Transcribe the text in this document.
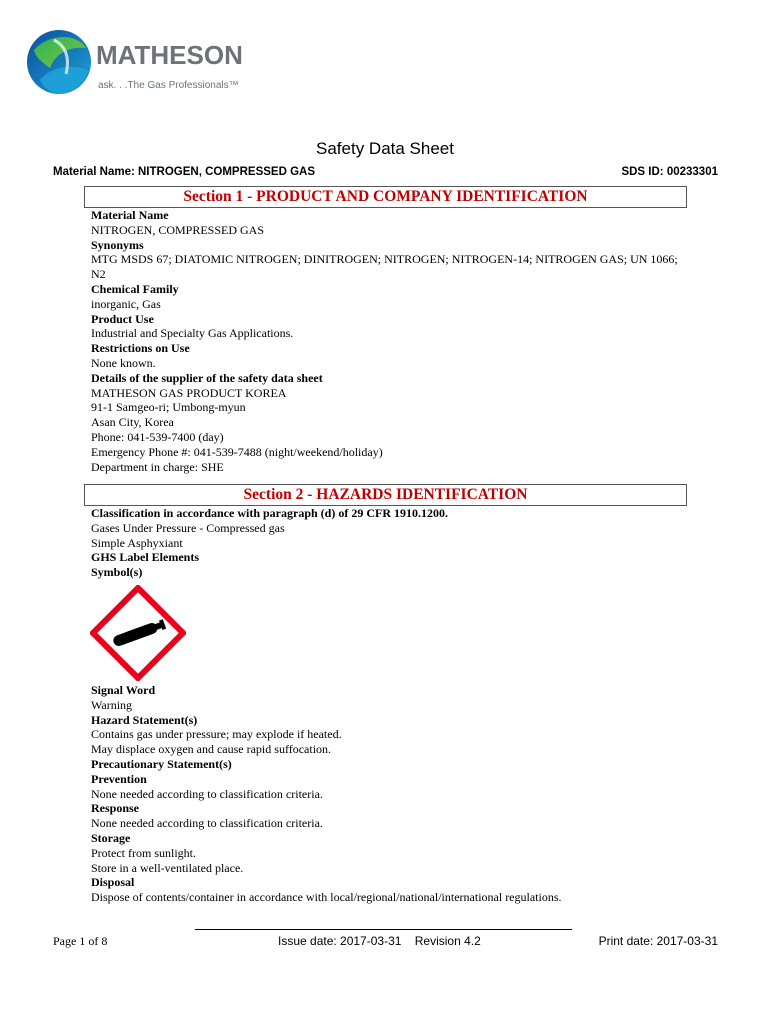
MATHESON
ask. . .The Gas Professionals™
Safety Data Sheet
Material Name: NITROGEN, COMPRESSED GAS	SDS ID: 00233301
Section 1 - PRODUCT AND COMPANY IDENTIFICATION
Material Name
NITROGEN, COMPRESSED GAS
Synonyms
MTG MSDS 67; DIATOMIC NITROGEN; DINITROGEN; NITROGEN; NITROGEN-14; NITROGEN GAS; UN 1066; N2
Chemical Family
inorganic, Gas
Product Use
Industrial and Specialty Gas Applications.
Restrictions on Use
None known.
Details of the supplier of the safety data sheet
MATHESON GAS PRODUCT KOREA
91-1 Samgeo-ri; Umbong-myun
Asan City, Korea
Phone: 041-539-7400 (day)
Emergency Phone #: 041-539-7488 (night/weekend/holiday)
Department in charge: SHE
Section 2 - HAZARDS IDENTIFICATION
Classification in accordance with paragraph (d) of 29 CFR 1910.1200.
Gases Under Pressure - Compressed gas
Simple Asphyxiant
GHS Label Elements
Symbol(s)
Signal Word
Warning
Hazard Statement(s)
Contains gas under pressure; may explode if heated.
May displace oxygen and cause rapid suffocation.
Precautionary Statement(s)
Prevention
None needed according to classification criteria.
Response
None needed according to classification criteria.
Storage
Protect from sunlight.
Store in a well-ventilated place.
Disposal
Dispose of contents/container in accordance with local/regional/national/international regulations.
Page 1 of 8	Issue date: 2017-03-31    Revision 4.2	Print date: 2017-03-31
